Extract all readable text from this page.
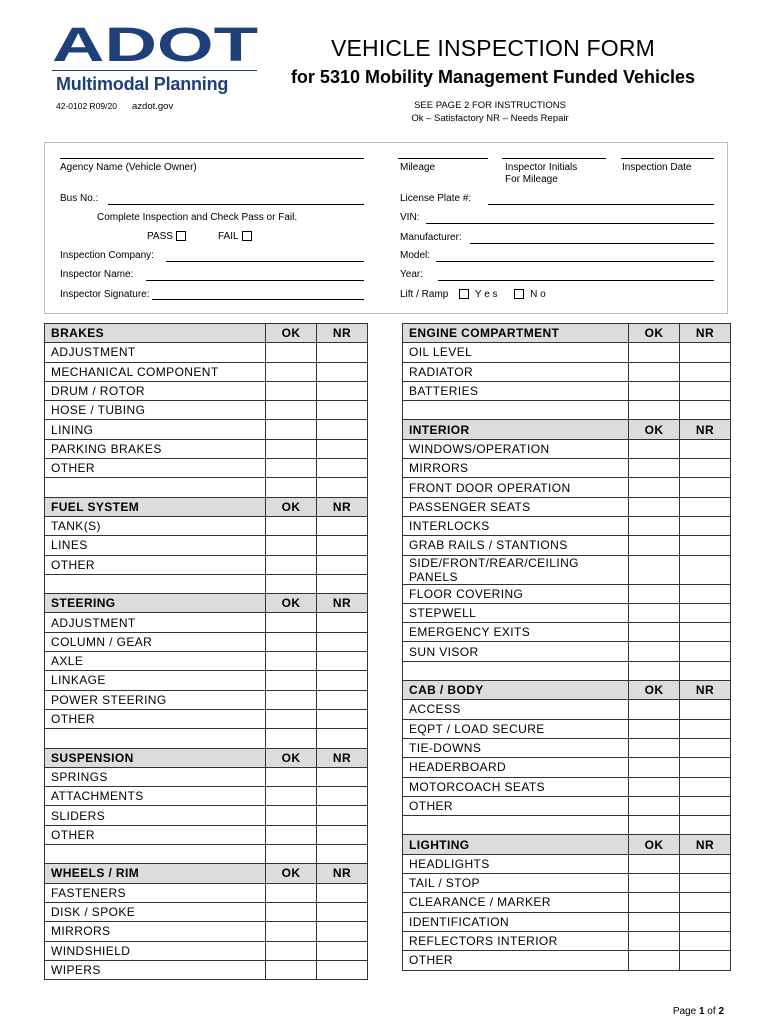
ADOT
Multimodal Planning
42-0102 R09/20 azdot.gov
VEHICLE INSPECTION FORM
for 5310 Mobility Management Funded Vehicles
SEE PAGE 2 FOR INSTRUCTIONS
Ok – Satisfactory NR – Needs Repair
Agency Name (Vehicle Owner)	Mileage	Inspector Initials
For Mileage
Inspection Date
Bus No.:	License Plate #:
Complete Inspection and Check Pass or Fail.	VIN:
PASS	FAIL	Manufacturer:
Inspection Company:	Model:
Inspector Name:	Year:
Inspector Signature:	Lift / Ramp	Y e s	N o
BRAKES	OK	NR
ADJUSTMENT		
MECHANICAL COMPONENT		
DRUM / ROTOR		
HOSE / TUBING		
LINING		
PARKING BRAKES		
OTHER		

FUEL SYSTEM	OK	NR
TANK(S)		
LINES		
OTHER		

STEERING	OK	NR
ADJUSTMENT		
COLUMN / GEAR		
AXLE		
LINKAGE		
POWER STEERING		
OTHER		

SUSPENSION	OK	NR
SPRINGS		
ATTACHMENTS		
SLIDERS		
OTHER		

WHEELS / RIM	OK	NR
FASTENERS		
DISK / SPOKE		
MIRRORS		
WINDSHIELD		
WIPERS		
ENGINE COMPARTMENT	OK	NR
OIL LEVEL		
RADIATOR		
BATTERIES		

INTERIOR	OK	NR
WINDOWS/OPERATION		
MIRRORS		
FRONT DOOR OPERATION		
PASSENGER SEATS		
INTERLOCKS		
GRAB RAILS / STANTIONS		
SIDE/FRONT/REAR/CEILING PANELS		
FLOOR COVERING		
STEPWELL		
EMERGENCY EXITS		
SUN VISOR		

CAB / BODY	OK	NR
ACCESS		
EQPT / LOAD SECURE		
TIE-DOWNS		
HEADERBOARD		
MOTORCOACH SEATS		
OTHER		

LIGHTING	OK	NR
HEADLIGHTS		
TAIL / STOP		
CLEARANCE / MARKER		
IDENTIFICATION		
REFLECTORS INTERIOR		
OTHER		
Page 1 of 2
